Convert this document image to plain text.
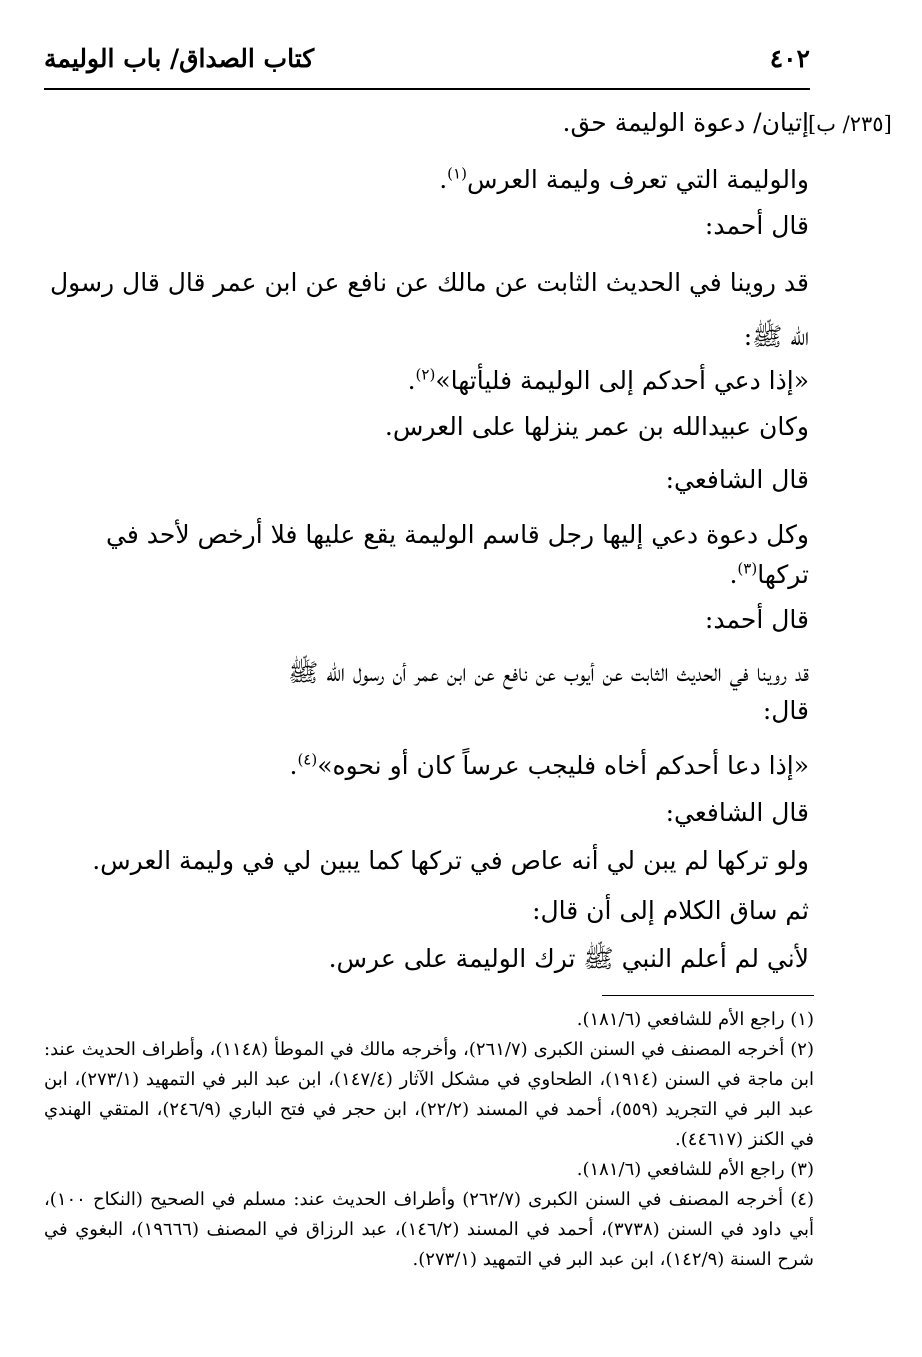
كتاب الصداق/ باب الوليمة	٤٠٢
[٢٣٥/ ب]
إتيان/ دعوة الوليمة حق.
والوليمة التي تعرف وليمة العرس$^{(١)}$.
قال أحمد:
قد روينا في الحديث الثابت عن مالك عن نافع عن ابن عمر قال قال رسول
الله ﷺ:
«إذا دعي أحدكم إلى الوليمة فليأتها»$^{(٢)}$.
وكان عبيدالله بن عمر ينزلها على العرس.
قال الشافعي:
وكل دعوة دعي إليها رجل قاسم الوليمة يقع عليها فلا أرخص لأحد في
تركها$^{(٣)}$.
قال أحمد:
قد روينا في الحديث الثابت عن أيوب عن نافع عن ابن عمر أن رسول الله ﷺ
قال:
«إذا دعا أحدكم أخاه فليجب عرساً كان أو نحوه»$^{(٤)}$.
قال الشافعي:
ولو تركها لم يبن لي أنه عاص في تركها كما يبين لي في وليمة العرس.
ثم ساق الكلام إلى أن قال:
لأني لم أعلم النبي ﷺ ترك الوليمة على عرس.
(١) راجع الأم للشافعي (١٨١/٦).
(٢) أخرجه المصنف في السنن الكبرى (٢٦١/٧)، وأخرجه مالك في الموطأ (١١٤٨)، وأطراف الحديث عند: ابن ماجة في السنن (١٩١٤)، الطحاوي في مشكل الآثار (١٤٧/٤)، ابن عبد البر في التمهيد (٢٧٣/١)، ابن عبد البر في التجريد (٥٥٩)، أحمد في المسند (٢٢/٢)، ابن حجر في فتح الباري (٢٤٦/٩)، المتقي الهندي في الكنز (٤٤٦١٧).
(٣) راجع الأم للشافعي (١٨١/٦).
(٤) أخرجه المصنف في السنن الكبرى (٢٦٢/٧) وأطراف الحديث عند: مسلم في الصحيح (النكاح ١٠٠)، أبي داود في السنن (٣٧٣٨)، أحمد في المسند (١٤٦/٢)، عبد الرزاق في المصنف (١٩٦٦٦)، البغوي في شرح السنة (١٤٢/٩)، ابن عبد البر في التمهيد (٢٧٣/١).
